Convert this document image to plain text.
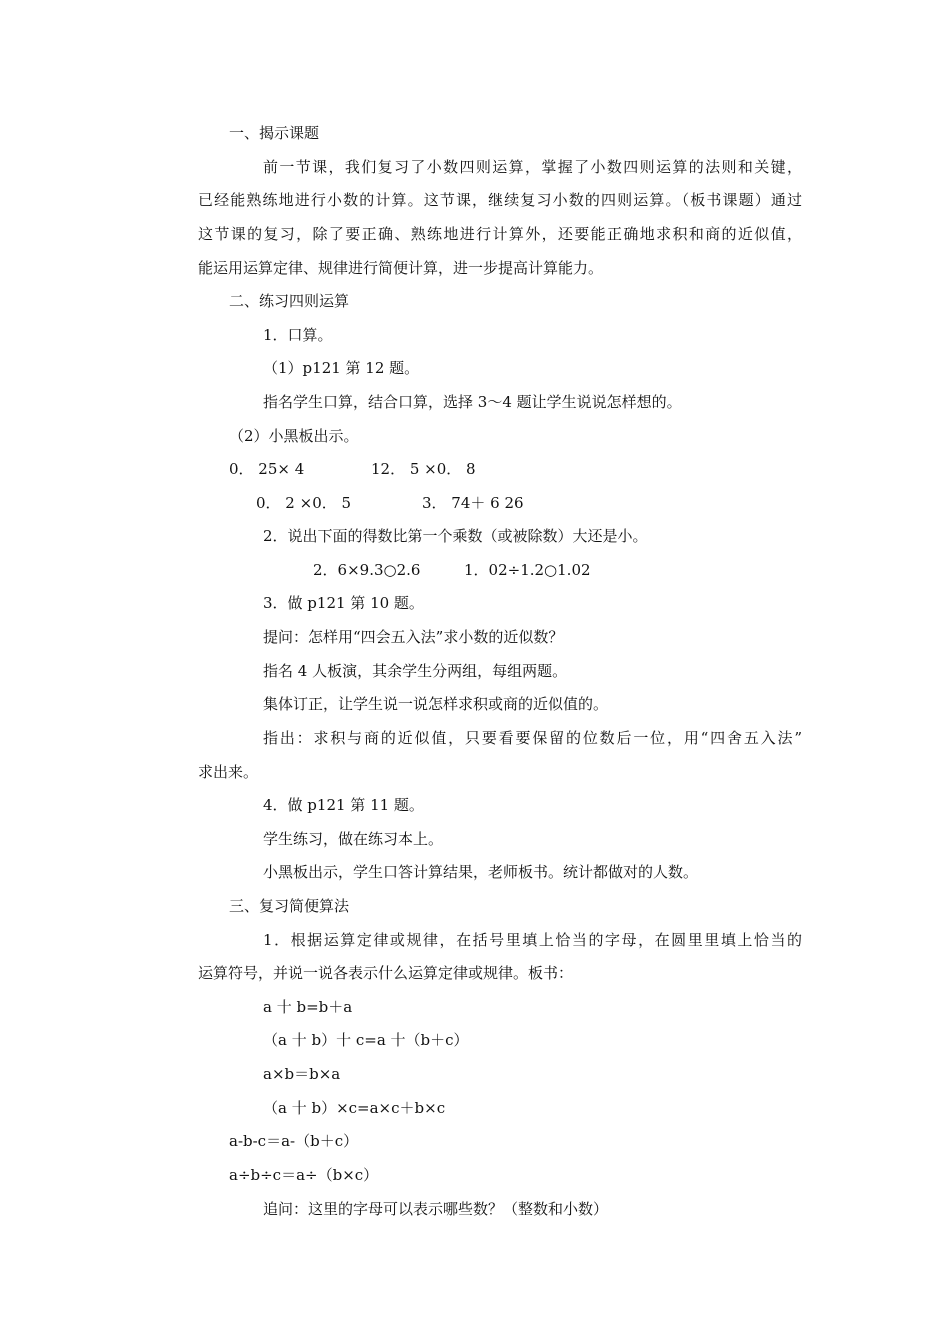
一、揭示课题
前一节课，我们复习了小数四则运算，掌握了小数四则运算的法则和关键，
已经能熟练地进行小数的计算。这节课，继续复习小数的四则运算。（板书课题）通过
这节课的复习，除了要正确、熟练地进行计算外，还要能正确地求积和商的近似值，
能运用运算定律、规律进行简便计算，进一步提高计算能力。
二、练习四则运算
1．口算。
（1）p121 第 12 题。
指名学生口算，结合口算，选择 3～4 题让学生说说怎样想的。
（2）小黑板出示。
0． 25× 4	12． 5 ×0． 8
0． 2 ×0． 5	3． 74＋ 6 26
2．说出下面的得数比第一个乘数（或被除数）大还是小。
2．6×9.3○2.6	1．02÷1.2○1.02
3．做 p121 第 10 题。
提问：怎样用“四会五入法”求小数的近似数？
指名 4 人板演，其余学生分两组，每组两题。
集体订正，让学生说一说怎样求积或商的近似值的。
指出：求积与商的近似值，只要看要保留的位数后一位，用“四舍五入法”
求出来。
4．做 p121 第 11 题。
学生练习，做在练习本上。
小黑板出示，学生口答计算结果，老师板书。统计都做对的人数。
三、复习简便算法
1．根据运算定律或规律，在括号里填上恰当的字母，在圆里里填上恰当的
运算符号，并说一说各表示什么运算定律或规律。板书：
a 十 b=b＋a
（a 十 b）十 c=a 十（b＋c）
a×b＝b×a
（a 十 b）×c=a×c＋b×c
a-b-c＝a-（b＋c）
a÷b÷c＝a÷（b×c）
追问：这里的字母可以表示哪些数？（整数和小数）
